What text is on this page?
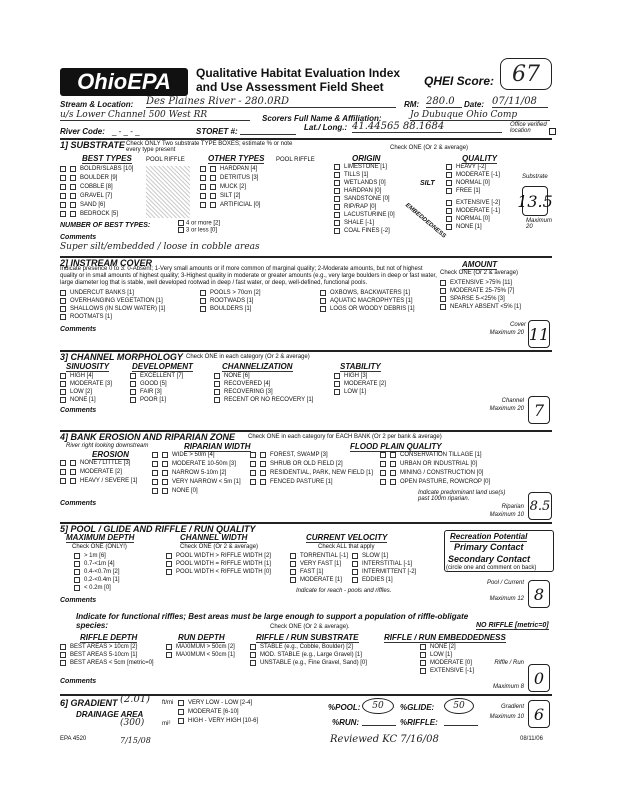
OhioEPA	Qualitative Habitat Evaluation Index
and Use Assessment Field Sheet	QHEI Score: 67
Stream & Location: Des Plaines River - 280.0RD	RM: 280.0	Date: 07/11/08
u/s Lower Channel 500 West RR	Scorers Full Name & Affiliation:	Jo Dubuque Ohio Comp
River Code: _ - _ - _	STORET #:	Lat./ Long.: 41.44565 88.1684	Office verified location
1] SUBSTRATE Check ONLY Two substrate TYPE BOXES; estimate % or note every type present	Check ONE (Or 2 & average)
BEST TYPES POOL RIFFLE	OTHER TYPES POOL RIFFLE	ORIGIN	QUALITY
BOLDR/SLABS [10]
BOULDER [9]
COBBLE [8]
GRAVEL [7]
SAND [6]
BEDROCK [5]
HARDPAN [4]
DETRITUS [3]
MUCK [2]
SILT [2]
ARTIFICIAL [0]
LIMESTONE [1]
TILLS [1]
WETLANDS [0]
HARDPAN [0]
SANDSTONE [0]
RIP/RAP [0]
LACUSTURINE [0]
SHALE [-1]
COAL FINES [-2]
SILT
EMBEDDEDNESS
HEAVY [-2]
MODERATE [-1]
NORMAL [0]
FREE [1]
EXTENSIVE [-2]
MODERATE [-1]
NORMAL [0]
NONE [1]
Substrate
13.5
Maximum 20
NUMBER OF BEST TYPES:	4 or more [2]
3 or less [0]
Comments
Super silt/embedded / loose in cobble areas
2] INSTREAM COVER
Indicate presence 0 to 3: 0-Absent; 1-Very small amounts or if more common of marginal quality; 2-Moderate amounts, but not of highest quality or in small amounts of highest quality; 3-Highest quality in moderate or greater amounts (e.g., very large boulders in deep or fast water, large diameter log that is stable, well developed rootwad in deep / fast water, or deep, well-defined, functional pools.
AMOUNT
Check ONE (Or 2 & average)
UNDERCUT BANKS [1]
OVERHANGING VEGETATION [1]
SHALLOWS (IN SLOW WATER) [1]
ROOTMATS [1]
POOLS > 70cm [2]
ROOTWADS [1]
BOULDERS [1]
OXBOWS, BACKWATERS [1]
AQUATIC MACROPHYTES [1]
LOGS OR WOODY DEBRIS [1]
EXTENSIVE >75% [11]
MODERATE 25-75% [7]
SPARSE 5-<25% [3]
NEARLY ABSENT <5% [1]
Comments
Cover
Maximum 20 11
3] CHANNEL MORPHOLOGY Check ONE in each category (Or 2 & average)
SINUOSITY	DEVELOPMENT	CHANNELIZATION	STABILITY
HIGH [4]
MODERATE [3]
LOW [2]
NONE [1]
EXCELLENT [7]
GOOD [5]
FAIR [3]
POOR [1]
NONE [6]
RECOVERED [4]
RECOVERING [3]
RECENT OR NO RECOVERY [1]
HIGH [3]
MODERATE [2]
LOW [1]
Comments
Channel
Maximum 20 7
4] BANK EROSION AND RIPARIAN ZONE Check ONE in each category for EACH BANK (Or 2 per bank & average)
River right looking downstream
EROSION
RIPARIAN WIDTH	FLOOD PLAIN QUALITY
NONE / LITTLE [3]
MODERATE [2]
HEAVY / SEVERE [1]
WIDE > 50m [4]
MODERATE 10-50m [3]
NARROW 5-10m [2]
VERY NARROW < 5m [1]
NONE [0]
FOREST, SWAMP [3]
SHRUB OR OLD FIELD [2]
RESIDENTIAL, PARK, NEW FIELD [1]
FENCED PASTURE [1]
CONSERVATION TILLAGE [1]
URBAN OR INDUSTRIAL [0]
MINING / CONSTRUCTION [0]
OPEN PASTURE, ROWCROP [0]
Indicate predominant land use(s) past 100m riparian.
Comments	Riparian
Maximum 10
8.5
5] POOL / GLIDE AND RIFFLE / RUN QUALITY
MAXIMUM DEPTH
Check ONE (ONLY!)
> 1m [6]
0.7-<1m [4]
0.4-<0.7m [2]
0.2-<0.4m [1]
< 0.2m [0]
CHANNEL WIDTH
Check ONE (Or 2 & average)
POOL WIDTH > RIFFLE WIDTH [2]
POOL WIDTH = RIFFLE WIDTH [1]
POOL WIDTH < RIFFLE WIDTH [0]
CURRENT VELOCITY
Check ALL that apply
TORRENTIAL [-1]
VERY FAST [1]
FAST [1]
MODERATE [1]
SLOW [1]
INTERSTITIAL [-1]
INTERMITTENT [-2]
EDDIES [1]
Indicate for reach - pools and riffles.
Recreation Potential
Primary Contact
Secondary Contact
(circle one and comment on back)
Comments
Pool / Current
Maximum 12 8
Indicate for functional riffles; Best areas must be large enough to support a population of riffle-obligate species:	Check ONE (Or 2 & average).	NO RIFFLE [metric=0]
RIFFLE DEPTH	RUN DEPTH	RIFFLE / RUN SUBSTRATE	RIFFLE / RUN EMBEDDEDNESS
BEST AREAS > 10cm [2]
BEST AREAS 5-10cm [1]
BEST AREAS < 5cm [metric=0]
MAXIMUM > 50cm [2]
MAXIMUM < 50cm [1]
STABLE (e.g., Cobble, Boulder) [2]
MOD. STABLE (e.g., Large Gravel) [1]
UNSTABLE (e.g., Fine Gravel, Sand) [0]
NONE [2]
LOW [1]
MODERATE [0]
EXTENSIVE [-1]
Comments
Riffle / Run
Maximum 8 0
6] GRADIENT (2.01) ft/mi
DRAINAGE AREA
(300)	mi²
VERY LOW - LOW [2-4]
MODERATE [6-10]
HIGH - VERY HIGH [10-6]
%POOL:	50	%GLIDE:	50
%RUN:	%RIFFLE:
Gradient
Maximum 10 6
EPA 4520	7/15/08	Reviewed KC 7/16/08	08/11/06
